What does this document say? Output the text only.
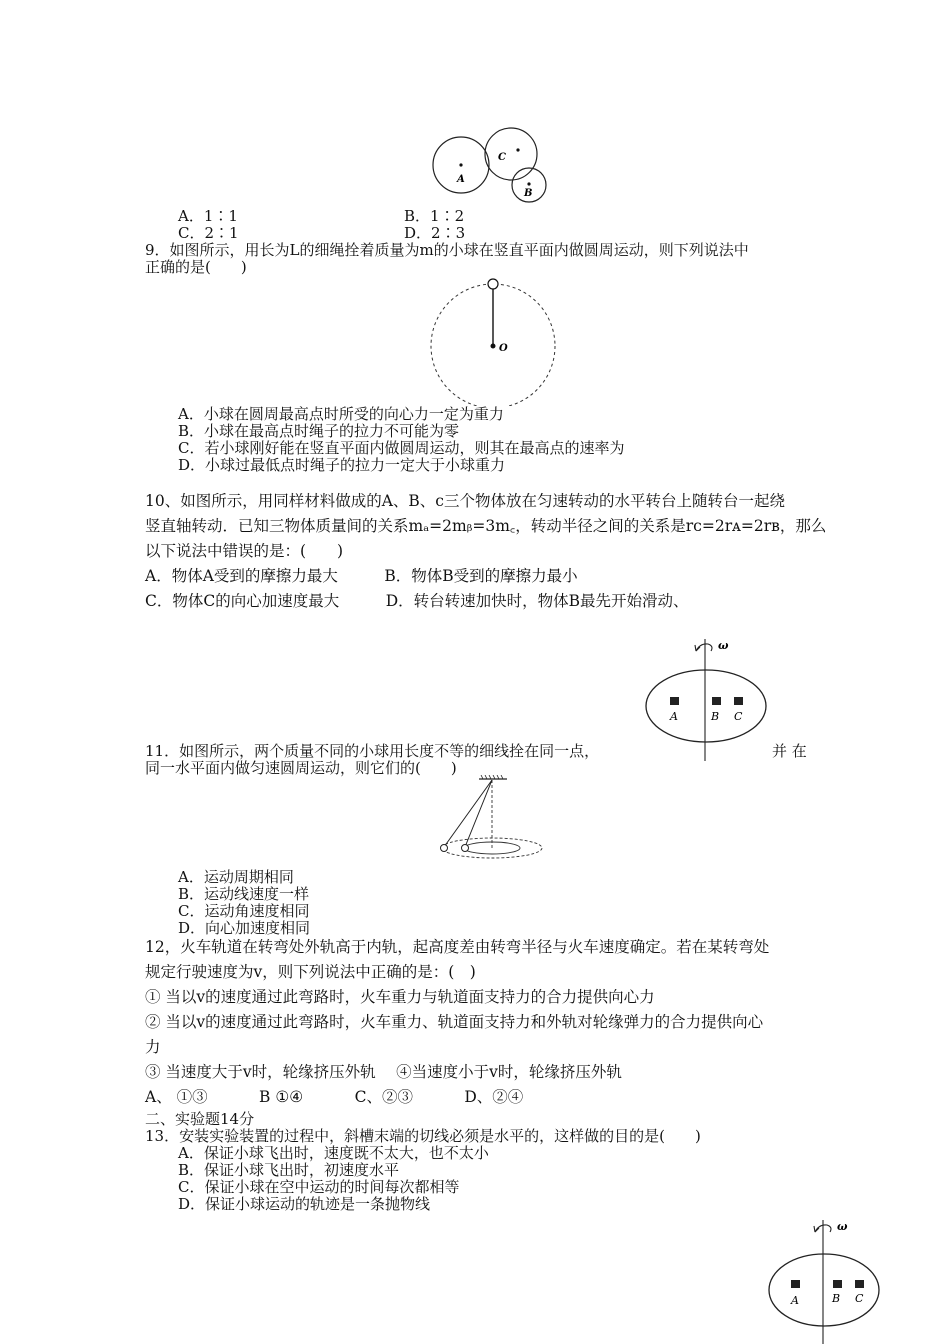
A
C
B
A．1∶1	B．1∶2
C．2∶1	D．2∶3
9．如图所示，用长为L的细绳拴着质量为m的小球在竖直平面内做圆周运动，则下列说法中
正确的是(　　)
O
A．小球在圆周最高点时所受的向心力一定为重力
B．小球在最高点时绳子的拉力不可能为零
C．若小球刚好能在竖直平面内做圆周运动，则其在最高点的速率为
D．小球过最低点时绳子的拉力一定大于小球重力
10、如图所示，用同样材料做成的A、B、c三个物体放在匀速转动的水平转台上随转台一起绕
竖直轴转动．已知三物体质量间的关系mₐ=2mᵦ=3m꜀，转动半径之间的关系是rᴄ=2rᴀ=2rʙ，那么
以下说法中错误的是：(　　)
A．物体A受到的摩擦力最大　　　B．物体B受到的摩擦力最小
C．物体C的向心加速度最大　　　D．转台转速加快时，物体B最先开始滑动、
ω
A	B C
11．如图所示，两个质量不同的小球用长度不等的细线拴在同一点，	并 在
同一水平面内做匀速圆周运动，则它们的(　　)
A．运动周期相同
B．运动线速度一样
C．运动角速度相同
D．向心加速度相同
12，火车轨道在转弯处外轨高于内轨，起高度差由转弯半径与火车速度确定。若在某转弯处
规定行驶速度为v，则下列说法中正确的是：(　)
① 当以v的速度通过此弯路时，火车重力与轨道面支持力的合力提供向心力
② 当以v的速度通过此弯路时，火车重力、轨道面支持力和外轨对轮缘弹力的合力提供向心
力
③ 当速度大于v时，轮缘挤压外轨　 ④当速度小于v时，轮缘挤压外轨
A、 ①③　　　 B ①④　　　 C、②③　　　 D、②④
二、实验题14分
13．安装实验装置的过程中，斜槽末端的切线必须是水平的，这样做的目的是(　　)
A．保证小球飞出时，速度既不太大，也不太小
B．保证小球飞出时，初速度水平
C．保证小球在空中运动的时间每次都相等
D．保证小球运动的轨迹是一条抛物线
ω
A	B C
